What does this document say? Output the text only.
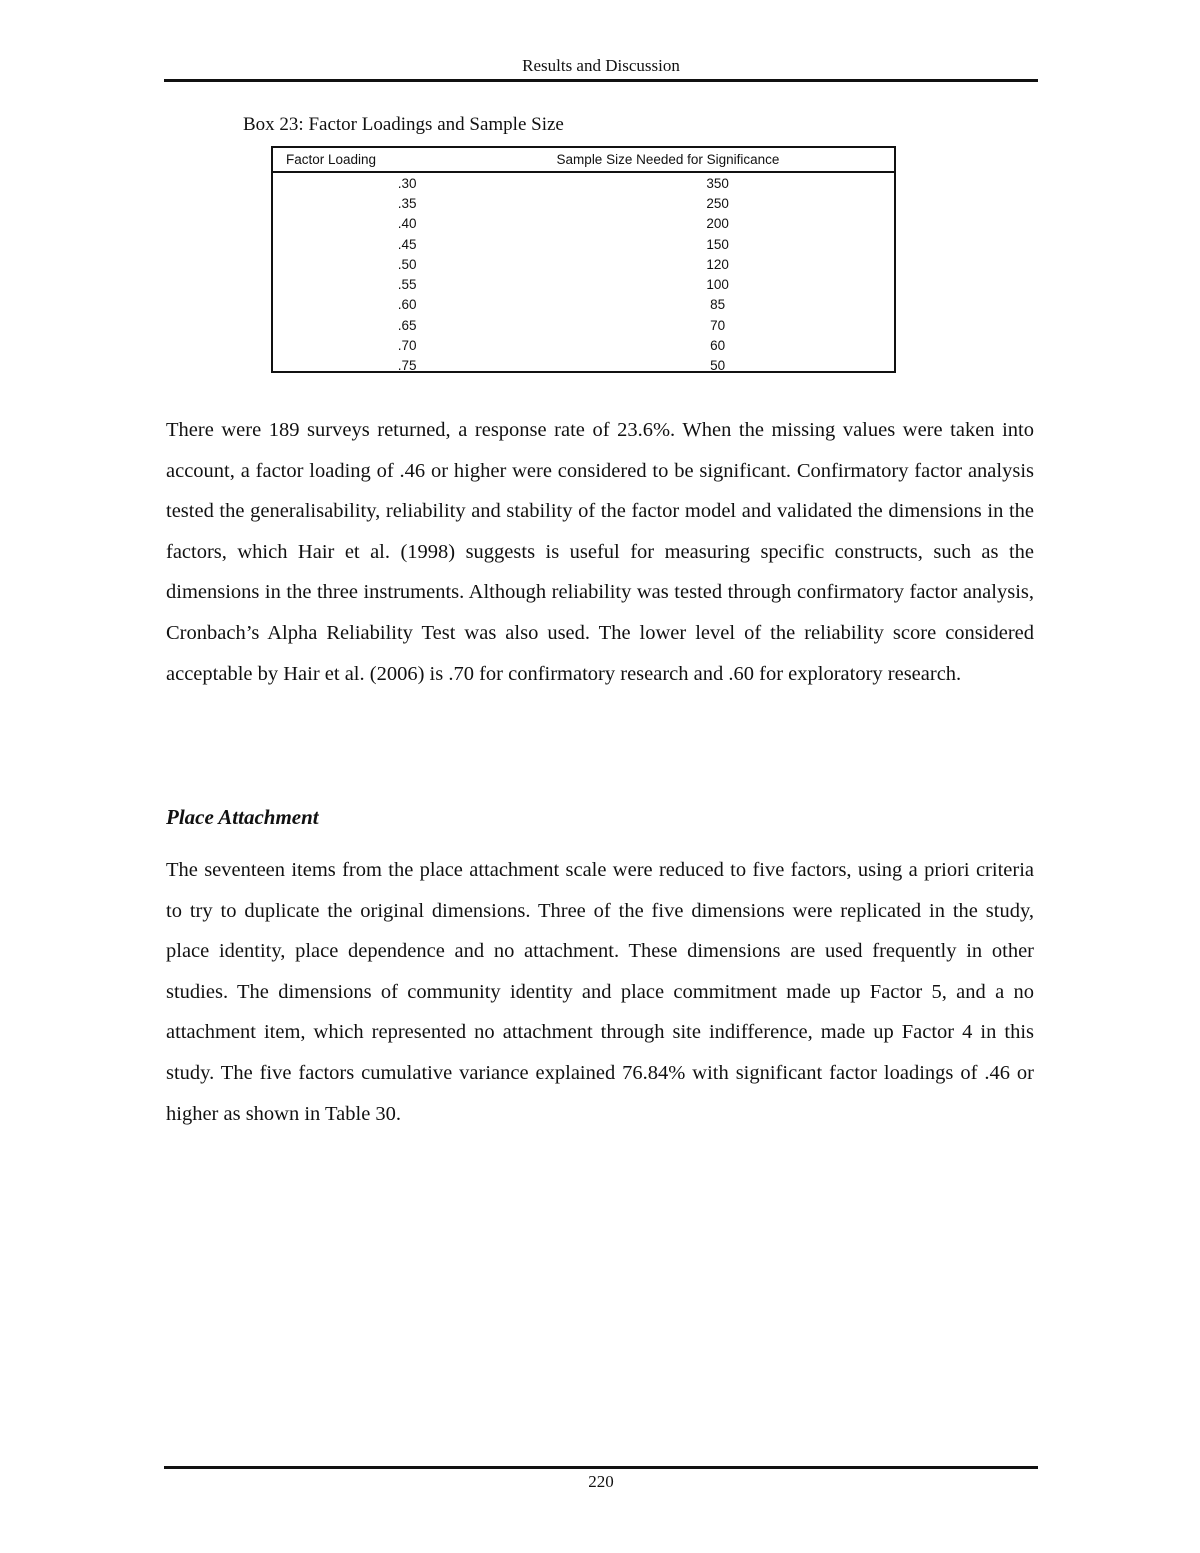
Results and Discussion
Box 23: Factor Loadings and Sample Size
Factor Loading	Sample Size Needed for Significance
.30	350
.35	250
.40	200
.45	150
.50	120
.55	100
.60	85
.65	70
.70	60
.75	50

There were 189 surveys returned, a response rate of 23.6%. When the missing values were taken into account, a factor loading of .46 or higher were considered to be significant. Confirmatory factor analysis tested the generalisability, reliability and stability of the factor model and validated the dimensions in the factors, which Hair et al. (1998) suggests is useful for measuring specific constructs, such as the dimensions in the three instruments. Although reliability was tested through confirmatory factor analysis, Cronbach’s Alpha Reliability Test was also used. The lower level of the reliability score considered acceptable by Hair et al. (2006) is .70 for confirmatory research and .60 for exploratory research.

Place Attachment

The seventeen items from the place attachment scale were reduced to five factors, using a priori criteria to try to duplicate the original dimensions. Three of the five dimensions were replicated in the study, place identity, place dependence and no attachment. These dimensions are used frequently in other studies. The dimensions of community identity and place commitment made up Factor 5, and a no attachment item, which represented no attachment through site indifference, made up Factor 4 in this study. The five factors cumulative variance explained 76.84% with significant factor loadings of .46 or higher as shown in Table 30.

220
